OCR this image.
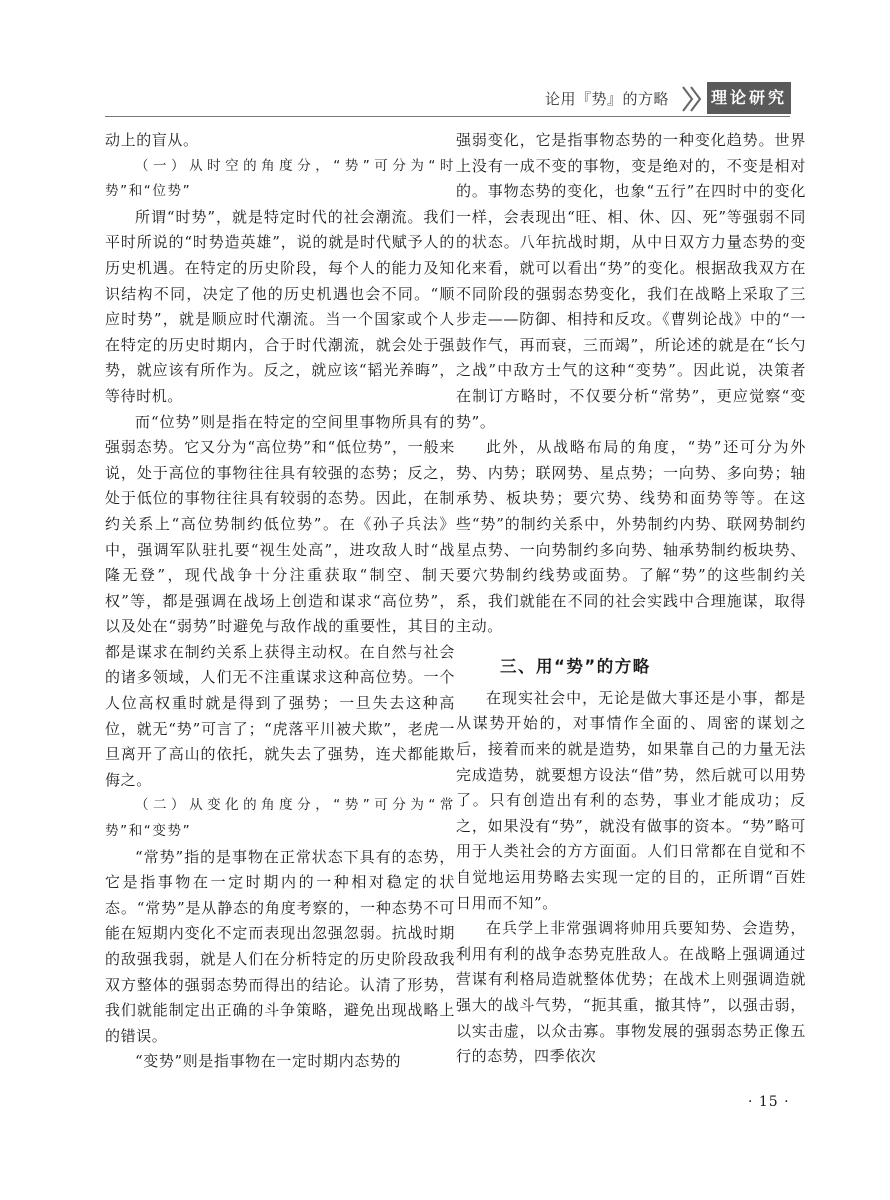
论用『势』的方略	理论研究

动上的盲从。

（一）从时空的角度分，“势”可分为“时势”和“位势”

所谓“时势”，就是特定时代的社会潮流。我们平时所说的“时势造英雄”，说的就是时代赋予人的历史机遇。在特定的历史阶段，每个人的能力及知识结构不同，决定了他的历史机遇也会不同。“顺应时势”，就是顺应时代潮流。当一个国家或个人在特定的历史时期内，合于时代潮流，就会处于强势，就应该有所作为。反之，就应该“韬光养晦”，等待时机。

而“位势”则是指在特定的空间里事物所具有的强弱态势。它又分为“高位势”和“低位势”，一般来说，处于高位的事物往往具有较强的态势；反之，处于低位的事物往往具有较弱的态势。因此，在制约关系上“高位势制约低位势”。在《孙子兵法》中，强调军队驻扎要“视生处高”，进攻敌人时“战隆无登”，现代战争十分注重获取“制空、制天权”等，都是强调在战场上创造和谋求“高位势”，以及处在“弱势”时避免与敌作战的重要性，其目的都是谋求在制约关系上获得主动权。在自然与社会的诸多领域，人们无不注重谋求这种高位势。一个人位高权重时就是得到了强势；一旦失去这种高位，就无“势”可言了；“虎落平川被犬欺”，老虎一旦离开了高山的依托，就失去了强势，连犬都能欺侮之。

（二）从变化的角度分，“势”可分为“常势”和“变势”

“常势”指的是事物在正常状态下具有的态势，它是指事物在一定时期内的一种相对稳定的状态。“常势”是从静态的角度考察的，一种态势不可能在短期内变化不定而表现出忽强忽弱。抗战时期的敌强我弱，就是人们在分析特定的历史阶段敌我双方整体的强弱态势而得出的结论。认清了形势，我们就能制定出正确的斗争策略，避免出现战略上的错误。

“变势”则是指事物在一定时期内态势的

强弱变化，它是指事物态势的一种变化趋势。世界上没有一成不变的事物，变是绝对的，不变是相对的。事物态势的变化，也象“五行”在四时中的变化一样，会表现出“旺、相、休、囚、死”等强弱不同的状态。八年抗战时期，从中日双方力量态势的变化来看，就可以看出“势”的变化。根据敌我双方在不同阶段的强弱态势变化，我们在战略上采取了三步走——防御、相持和反攻。《曹刿论战》中的“一鼓作气，再而衰，三而竭”，所论述的就是在“长勺之战”中敌方士气的这种“变势”。因此说，决策者在制订方略时，不仅要分析“常势”，更应觉察“变势”。

此外，从战略布局的角度，“势”还可分为外势、内势；联网势、星点势；一向势、多向势；轴承势、板块势；要穴势、线势和面势等等。在这些“势”的制约关系中，外势制约内势、联网势制约星点势、一向势制约多向势、轴承势制约板块势、要穴势制约线势或面势。了解“势”的这些制约关系，我们就能在不同的社会实践中合理施谋，取得主动。

三、用“势”的方略

在现实社会中，无论是做大事还是小事，都是从谋势开始的，对事情作全面的、周密的谋划之后，接着而来的就是造势，如果靠自己的力量无法完成造势，就要想方设法“借”势，然后就可以用势了。只有创造出有利的态势，事业才能成功；反之，如果没有“势”，就没有做事的资本。“势”略可用于人类社会的方方面面。人们日常都在自觉和不自觉地运用势略去实现一定的目的，正所谓“百姓日用而不知”。

在兵学上非常强调将帅用兵要知势、会造势，利用有利的战争态势克胜敌人。在战略上强调通过营谋有利格局造就整体优势；在战术上则强调造就强大的战斗气势，“扼其重，撤其恃”，以强击弱，以实击虚，以众击寡。事物发展的强弱态势正像五行的态势，四季依次

· 15 ·
